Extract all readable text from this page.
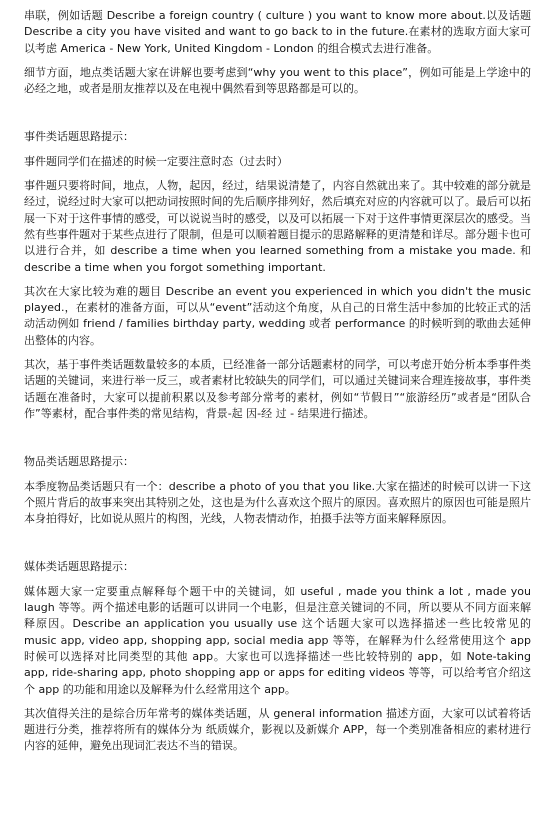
串联，例如话题 Describe a foreign country ( culture ) you want to know more about.以及话题 Describe a city you have visited and want to go back to in the future.在素材的选取方面大家可以考虑 America - New York, United Kingdom - London 的组合模式去进行准备。

细节方面，地点类话题大家在讲解也要考虑到“why you went to this place”，例如可能是上学途中的必经之地，或者是朋友推荐以及在电视中偶然看到等思路都是可以的。

事件类话题思路提示：

事件题同学们在描述的时候一定要注意时态（过去时）

事件题只要将时间，地点，人物，起因，经过，结果说清楚了，内容自然就出来了。其中较难的部分就是经过，说经过时大家可以把动词按照时间的先后顺序排列好，然后填充对应的内容就可以了。最后可以拓展一下对于这件事情的感受，可以说说当时的感受，以及可以拓展一下对于这件事情更深层次的感受。当然有些事件题对于某些点进行了限制，但是可以顺着题目提示的思路解释的更清楚和详尽。部分题卡也可以进行合并，如 describe a time when you learned something from a mistake you made. 和 describe a time when you forgot something important.

其次在大家比较为难的题目 Describe an event you experienced in which you didn't the music played.，在素材的准备方面，可以从“event”活动这个角度，从自己的日常生活中参加的比较正式的活动活动例如 friend / families birthday party, wedding 或者 performance 的时候听到的歌曲去延伸出整体的内容。

其次，基于事件类话题数量较多的本质，已经准备一部分话题素材的同学，可以考虑开始分析本季事件类话题的关键词，来进行举一反三，或者素材比较缺失的同学们，可以通过关键词来合理连接故事，事件类话题在准备时，大家可以提前积累以及参考部分常考的素材，例如“节假日”“旅游经历”或者是“团队合作”等素材，配合事件类的常见结构，背景-起 因-经 过 - 结果进行描述。

物品类话题思路提示：

本季度物品类话题只有一个：describe a photo of you that you like.大家在描述的时候可以讲一下这个照片背后的故事来突出其特别之处，这也是为什么喜欢这个照片的原因。喜欢照片的原因也可能是照片本身拍得好，比如说从照片的构图，光线，人物表情动作，拍摄手法等方面来解释原因。

媒体类话题思路提示：

媒体题大家一定要重点解释每个题干中的关键词，如 useful , made you think a lot , made you laugh 等等。两个描述电影的话题可以讲同一个电影，但是注意关键词的不同，所以要从不同方面来解释原因。Describe an application you usually use 这个话题大家可以选择描述一些比较常见的 music app, video app, shopping app, social media app 等等，在解释为什么经常使用这个 app 时候可以选择对比同类型的其他 app。大家也可以选择描述一些比较特别的 app，如 Note-taking app, ride-sharing app, photo shopping app or apps for editing videos 等等，可以给考官介绍这个 app 的功能和用途以及解释为什么经常用这个 app。

其次值得关注的是综合历年常考的媒体类话题，从 general information 描述方面，大家可以试着将话题进行分类，推荐将所有的媒体分为 纸质媒介，影视以及新媒介 APP，每一个类别准备相应的素材进行内容的延伸，避免出现词汇表达不当的错误。
